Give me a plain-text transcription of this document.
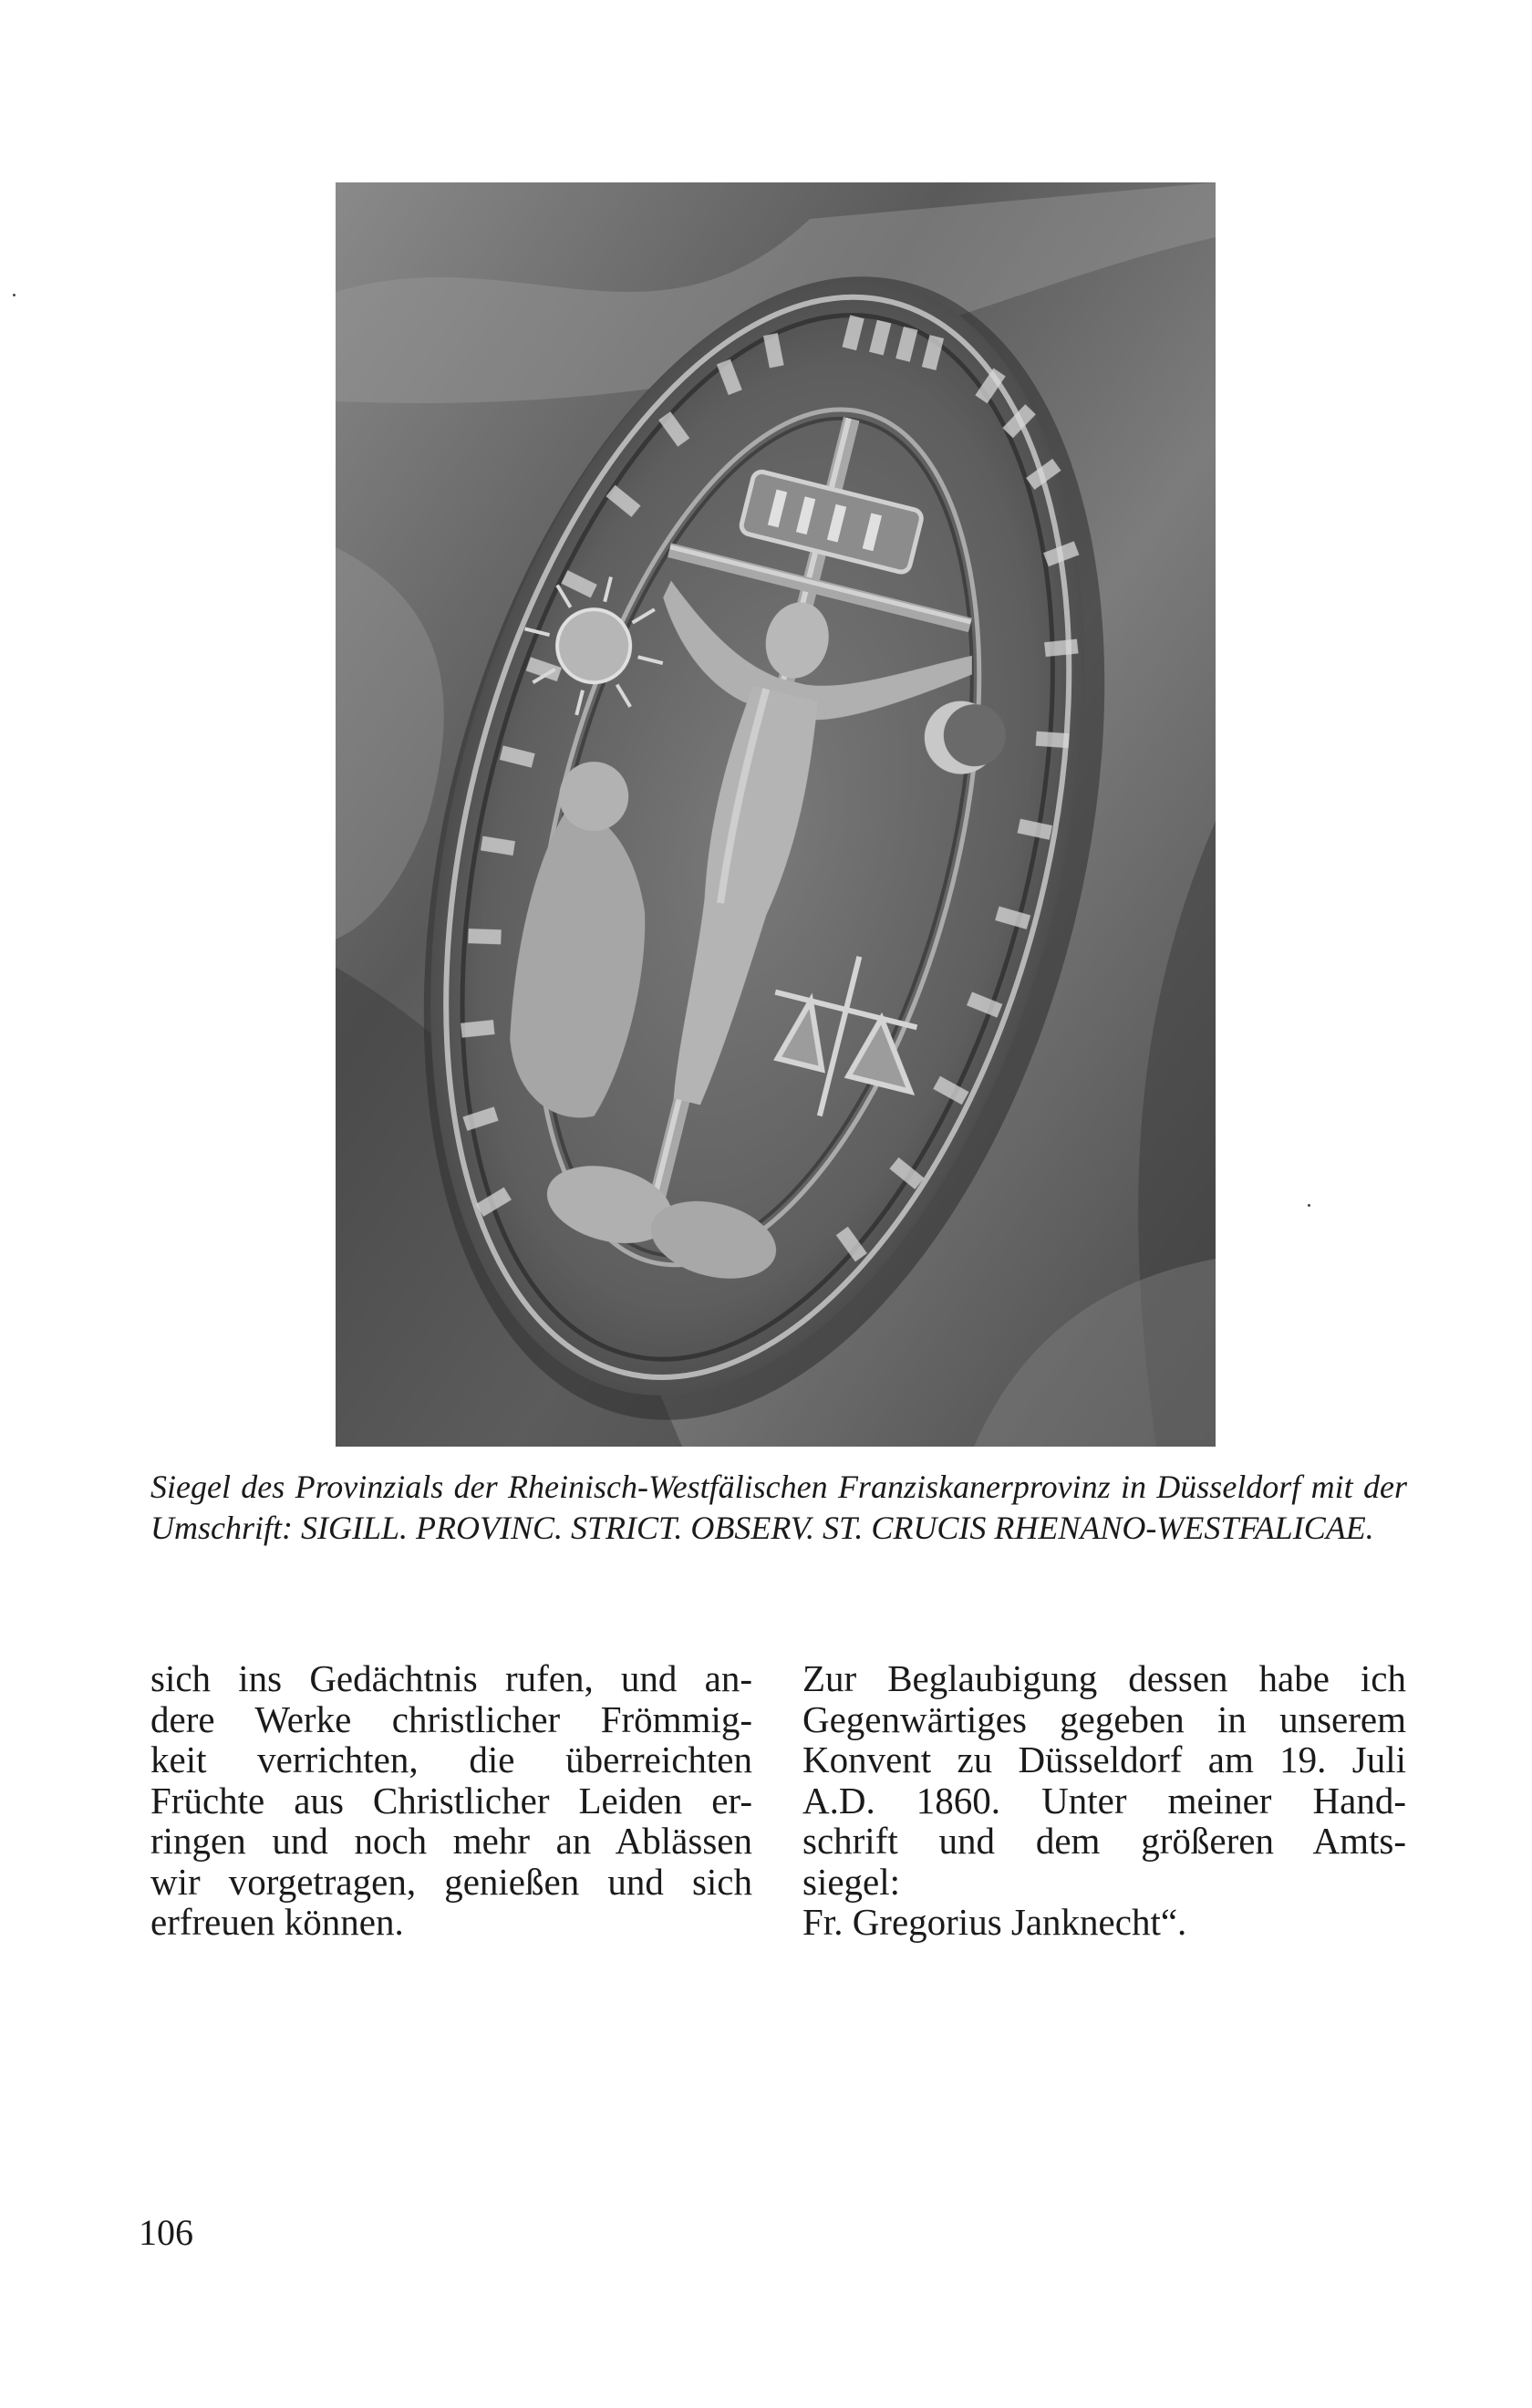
Siegel des Provinzials der Rheinisch-Westfälischen Franziskanerprovinz in Düsseldorf mit der Umschrift: SIGILL. PROVINC. STRICT. OBSERV. ST. CRUCIS RHENANO-WESTFALICAE.

sich ins Gedächtnis rufen, und an-
dere Werke christlicher Frömmig-
keit verrichten, die überreichten
Früchte aus Christlicher Leiden er-
ringen und noch mehr an Ablässen
wir vorgetragen, genießen und sich
erfreuen können.
Zur Beglaubigung dessen habe ich
Gegenwärtiges gegeben in unserem
Konvent zu Düsseldorf am 19. Juli
A.D. 1860. Unter meiner Hand-
schrift und dem größeren Amts-
siegel:
Fr. Gregorius Janknecht“.
106
